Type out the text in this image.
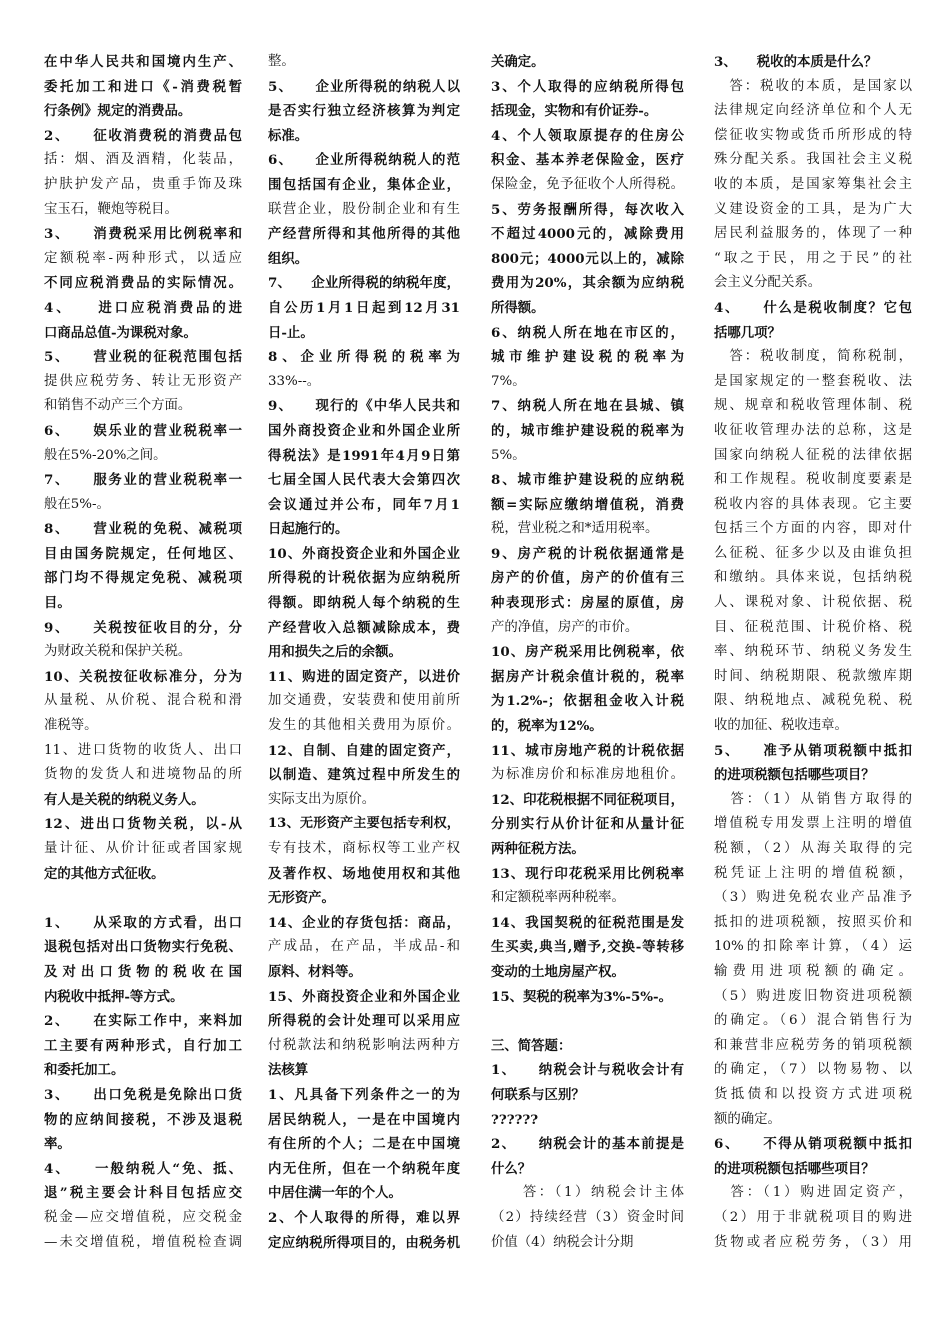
在中华人民共和国境内生产、
委托加工和进口《-消费税暂
行条例》规定的消费品。
2、　　征收消费税的消费品包
括：烟、酒及酒精，化装品，
护肤护发产品，贵重手饰及珠
宝玉石，鞭炮等税目。
3、　　消费税采用比例税率和
定额税率-两种形式，以适应
不同应税消费品的实际情况。
4、　　进口应税消费品的进
口商品总值-为课税对象。
5、　　营业税的征税范围包括
提供应税劳务、转让无形资产
和销售不动产三个方面。
6、　　娱乐业的营业税税率一
般在5%-20%之间。
7、　　服务业的营业税税率一
般在5%-。
8、　　营业税的免税、减税项
目由国务院规定，任何地区、
部门均不得规定免税、减税项
目。
9、　　关税按征收目的分，分
为财政关税和保护关税。
10、关税按征收标准分，分为
从量税、从价税、混合税和滑
准税等。
11、进口货物的收货人、出口
货物的发货人和进境物品的所
有人是关税的纳税义务人。
12、进出口货物关税，以-从
量计征、从价计征或者国家规
定的其他方式征收。
1、　　从采取的方式看，出口
退税包括对出口货物实行免税、
及对出口货物的税收在国
内税收中抵押-等方式。
2、　　在实际工作中，来料加
工主要有两种形式，自行加工
和委托加工。
3、　　出口免税是免除出口货
物的应纳间接税，不涉及退税
率。
4、　　一般纳税人“免、抵、
退”税主要会计科目包括应交
税金—应交增值税，应交税金
—未交增值税，增值税检查调
整。
5、　　企业所得税的纳税人以
是否实行独立经济核算为判定
标准。
6、　　企业所得税纳税人的范
围包括国有企业，集体企业，
联营企业，股份制企业和有生
产经营所得和其他所得的其他
组织。
7、　　企业所得税的纳税年度，
自公历1月1日起到12月31
日-止。
8、企业所得税的税率为
33%--。
9、　　现行的《中华人民共和
国外商投资企业和外国企业所
得税法》是1991年4月9日第
七届全国人民代表大会第四次
会议通过并公布，同年7月1
日起施行的。
10、外商投资企业和外国企业
所得税的计税依据为应纳税所
得额。即纳税人每个纳税的生
产经营收入总额减除成本，费
用和损失之后的余额。
11、购进的固定资产，以进价
加交通费，安装费和使用前所
发生的其他相关费用为原价。
12、自制、自建的固定资产，
以制造、建筑过程中所发生的
实际支出为原价。
13、无形资产主要包括专利权，
专有技术，商标权等工业产权
及著作权、场地使用权和其他
无形资产。
14、企业的存货包括：商品，
产成品，在产品，半成品-和
原料、材料等。
15、外商投资企业和外国企业
所得税的会计处理可以采用应
付税款法和纳税影响法两种方
法核算
1、凡具备下列条件之一的为
居民纳税人，一是在中国境内
有住所的个人；二是在中国境
内无住所，但在一个纳税年度
中居住满一年的个人。
2、个人取得的所得，难以界
定应纳税所得项目的，由税务机
关确定。
3、个人取得的应纳税所得包
括现金，实物和有价证券-。
4、个人领取原提存的住房公
积金、基本养老保险金，医疗
保险金，免予征收个人所得税。
5、劳务报酬所得，每次收入
不超过4000元的，减除费用
800元；4000元以上的，减除
费用为20%，其余额为应纳税
所得额。
6、纳税人所在地在市区的，
城市维护建设税的税率为
7%。
7、纳税人所在地在县城、镇
的，城市维护建设税的税率为
5%。
8、城市维护建设税的应纳税
额=实际应缴纳增值税，消费
税，营业税之和*适用税率。
9、房产税的计税依据通常是
房产的价值，房产的价值有三
种表现形式：房屋的原值，房
产的净值，房产的市价。
10、房产税采用比例税率，依
据房产计税余值计税的，税率
为1.2%-；依据租金收入计税
的，税率为12%。
11、城市房地产税的计税依据
为标准房价和标准房地租价。
12、印花税根据不同征税项目，
分别实行从价计征和从量计征
两种征税方法。
13、现行印花税采用比例税率
和定额税率两种税率。
14、我国契税的征税范围是发
生买卖,典当,赠予,交换-等转移
变动的土地房屋产权。
15、契税的税率为3%-5%-。
三、简答题：
1、　　纳税会计与税收会计有
何联系与区别？
??????
2、　　纳税会计的基本前提是
什么？
　　答：（1）纳税会计主体
（2）持续经营（3）资金时间
价值（4）纳税会计分期
3、　　税收的本质是什么？
　答：税收的本质，是国家以
法律规定向经济单位和个人无
偿征收实物或货币所形成的特
殊分配关系。我国社会主义税
收的本质，是国家筹集社会主
义建设资金的工具，是为广大
居民利益服务的，体现了一种
“取之于民，用之于民”的社
会主义分配关系。
4、　　什么是税收制度？它包
括哪几项？
　答：税收制度，简称税制，
是国家规定的一整套税收、法
规、规章和税收管理体制、税
收征收管理办法的总称，这是
国家向纳税人征税的法律依据
和工作规程。税收制度要素是
税收内容的具体表现。它主要
包括三个方面的内容，即对什
么征税、征多少以及由谁负担
和缴纳。具体来说，包括纳税
人、课税对象、计税依据、税
目、征税范围、计税价格、税
率、纳税环节、纳税义务发生
时间、纳税期限、税款缴库期
限、纳税地点、减税免税、税
收的加征、税收违章。
5、　　准予从销项税额中抵扣
的进项税额包括哪些项目？
　答：（1）从销售方取得的
增值税专用发票上注明的增值
税额，（2）从海关取得的完
税凭证上注明的增值税额，
（3）购进免税农业产品准予
抵扣的进项税额，按照买价和
10%的扣除率计算，（4）运
输费用进项税额的确定。
（5）购进废旧物资进项税额
的确定。（6）混合销售行为
和兼营非应税劳务的销项税额
的确定，（7）以物易物、以
货抵债和以投资方式进项税
额的确定。
6、　　不得从销项税额中抵扣
的进项税额包括哪些项目？
　答：（1）购进固定资产，
（2）用于非就税项目的购进
货物或者应税劳务，（3）用
